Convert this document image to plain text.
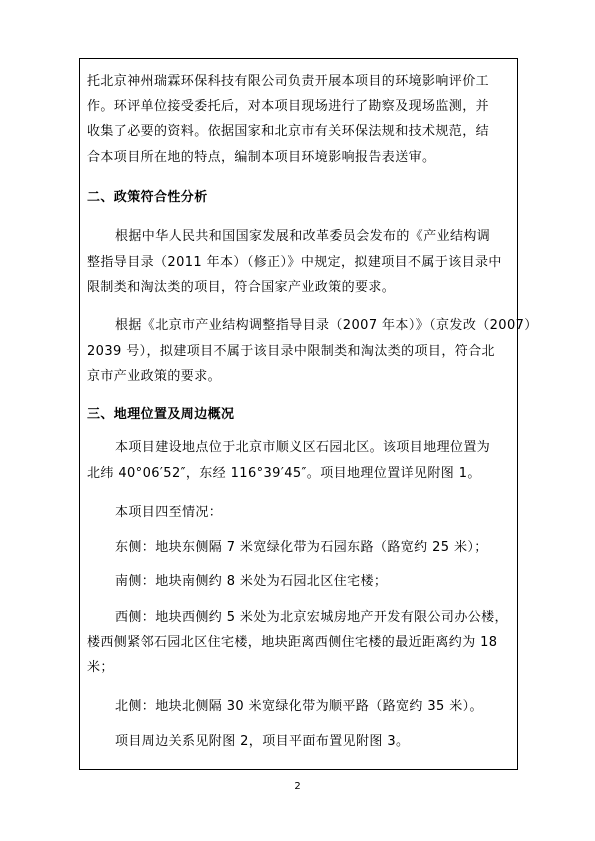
托北京神州瑞霖环保科技有限公司负责开展本项目的环境影响评价工
作。环评单位接受委托后，对本项目现场进行了勘察及现场监测，并
收集了必要的资料。依据国家和北京市有关环保法规和技术规范，结
合本项目所在地的特点，编制本项目环境影响报告表送审。
二、政策符合性分析
根据中华人民共和国国家发展和改革委员会发布的《产业结构调
整指导目录（2011 年本）（修正）》中规定，拟建项目不属于该目录中
限制类和淘汰类的项目，符合国家产业政策的要求。
根据《北京市产业结构调整指导目录（2007 年本）》（京发改（2007）
2039 号），拟建项目不属于该目录中限制类和淘汰类的项目，符合北
京市产业政策的要求。
三、地理位置及周边概况
本项目建设地点位于北京市顺义区石园北区。该项目地理位置为
北纬 40°06′52″，东经 116°39′45″。项目地理位置详见附图 1。
本项目四至情况：
东侧：地块东侧隔 7 米宽绿化带为石园东路（路宽约 25 米）；
南侧：地块南侧约 8 米处为石园北区住宅楼；
西侧：地块西侧约 5 米处为北京宏城房地产开发有限公司办公楼，
楼西侧紧邻石园北区住宅楼，地块距离西侧住宅楼的最近距离约为 18
米；
北侧：地块北侧隔 30 米宽绿化带为顺平路（路宽约 35 米）。
项目周边关系见附图 2，项目平面布置见附图 3。
2
